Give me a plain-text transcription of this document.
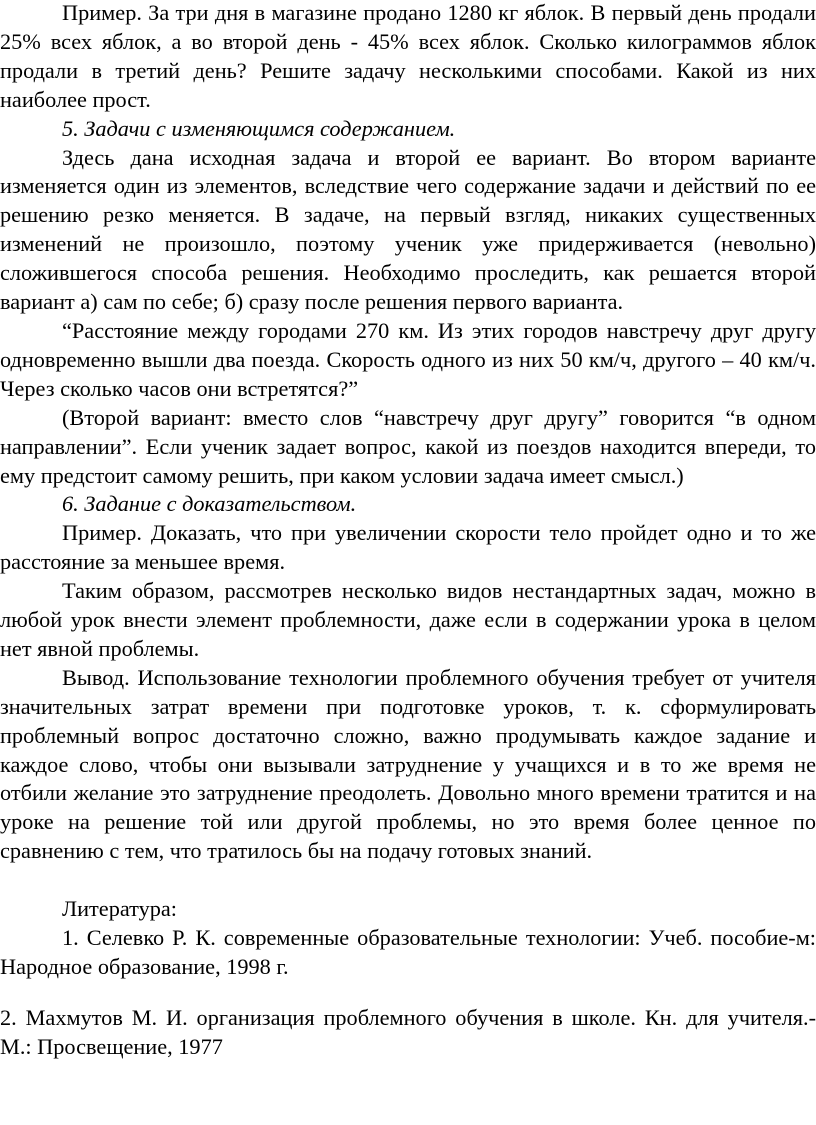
Пример. За три дня в магазине продано 1280 кг яблок. В первый день продали 25% всех яблок, а во второй день - 45% всех яблок. Сколько килограммов яблок продали в третий день? Решите задачу несколькими способами. Какой из них наиболее прост.

5. Задачи с изменяющимся содержанием.

Здесь дана исходная задача и второй ее вариант. Во втором варианте изменяется один из элементов, вследствие чего содержание задачи и действий по ее решению резко меняется. В задаче, на первый взгляд, никаких существенных изменений не произошло, поэтому ученик уже придерживается (невольно) сложившегося способа решения. Необходимо проследить, как решается второй вариант а) сам по себе; б) сразу после решения первого варианта.

“Расстояние между городами 270 км. Из этих городов навстречу друг другу одновременно вышли два поезда. Скорость одного из них 50 км/ч, другого – 40 км/ч. Через сколько часов они встретятся?”

(Второй вариант: вместо слов “навстречу друг другу” говорится “в одном направлении”. Если ученик задает вопрос, какой из поездов находится впереди, то ему предстоит самому решить, при каком условии задача имеет смысл.)

6. Задание с доказательством.

Пример. Доказать, что при увеличении скорости тело пройдет одно и то же расстояние за меньшее время.

Таким образом, рассмотрев несколько видов нестандартных задач, можно в любой урок внести элемент проблемности, даже если в содержании урока в целом нет явной проблемы.

Вывод. Использование технологии проблемного обучения требует от учителя значительных затрат времени при подготовке уроков, т. к. сформулировать проблемный вопрос достаточно сложно, важно продумывать каждое задание и каждое слово, чтобы они вызывали затруднение у учащихся и в то же время не отбили желание это затруднение преодолеть. Довольно много времени тратится и на уроке на решение той или другой проблемы, но это время более ценное по сравнению с тем, что тратилось бы на подачу готовых знаний.

Литература:

1. Селевко Р. К. современные образовательные технологии: Учеб. пособие-м: Народное образование, 1998 г.

2. Махмутов М. И. организация проблемного обучения в школе. Кн. для учителя.- М.: Просвещение, 1977
